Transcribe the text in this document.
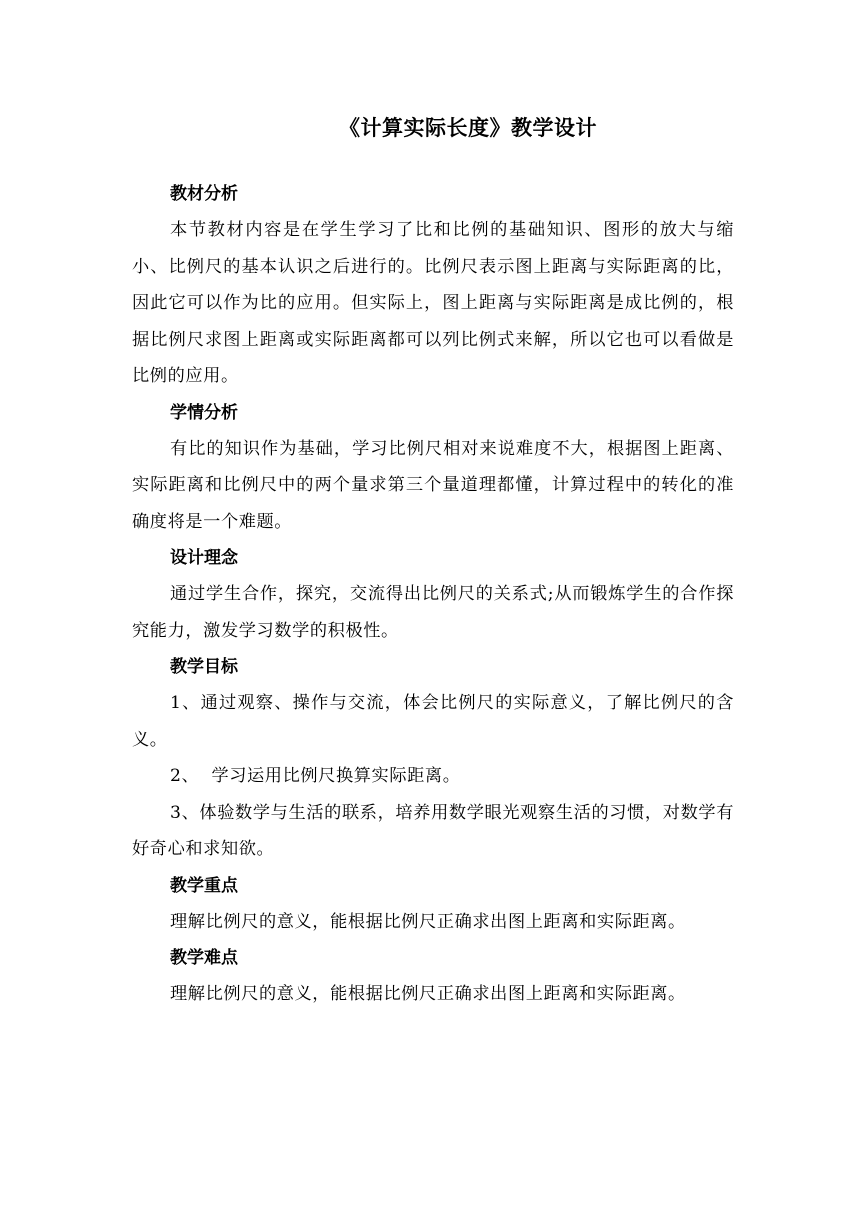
《计算实际长度》教学设计

教材分析

本节教材内容是在学生学习了比和比例的基础知识、图形的放大与缩小、比例尺的基本认识之后进行的。比例尺表示图上距离与实际距离的比，因此它可以作为比的应用。但实际上，图上距离与实际距离是成比例的，根据比例尺求图上距离或实际距离都可以列比例式来解，所以它也可以看做是比例的应用。

学情分析

有比的知识作为基础，学习比例尺相对来说难度不大，根据图上距离、实际距离和比例尺中的两个量求第三个量道理都懂，计算过程中的转化的准确度将是一个难题。

设计理念

通过学生合作，探究，交流得出比例尺的关系式;从而锻炼学生的合作探究能力，激发学习数学的积极性。

教学目标

1、通过观察、操作与交流，体会比例尺的实际意义，了解比例尺的含义。

2、  学习运用比例尺换算实际距离。

3、体验数学与生活的联系，培养用数学眼光观察生活的习惯，对数学有好奇心和求知欲。

教学重点

理解比例尺的意义，能根据比例尺正确求出图上距离和实际距离。

教学难点

理解比例尺的意义，能根据比例尺正确求出图上距离和实际距离。
